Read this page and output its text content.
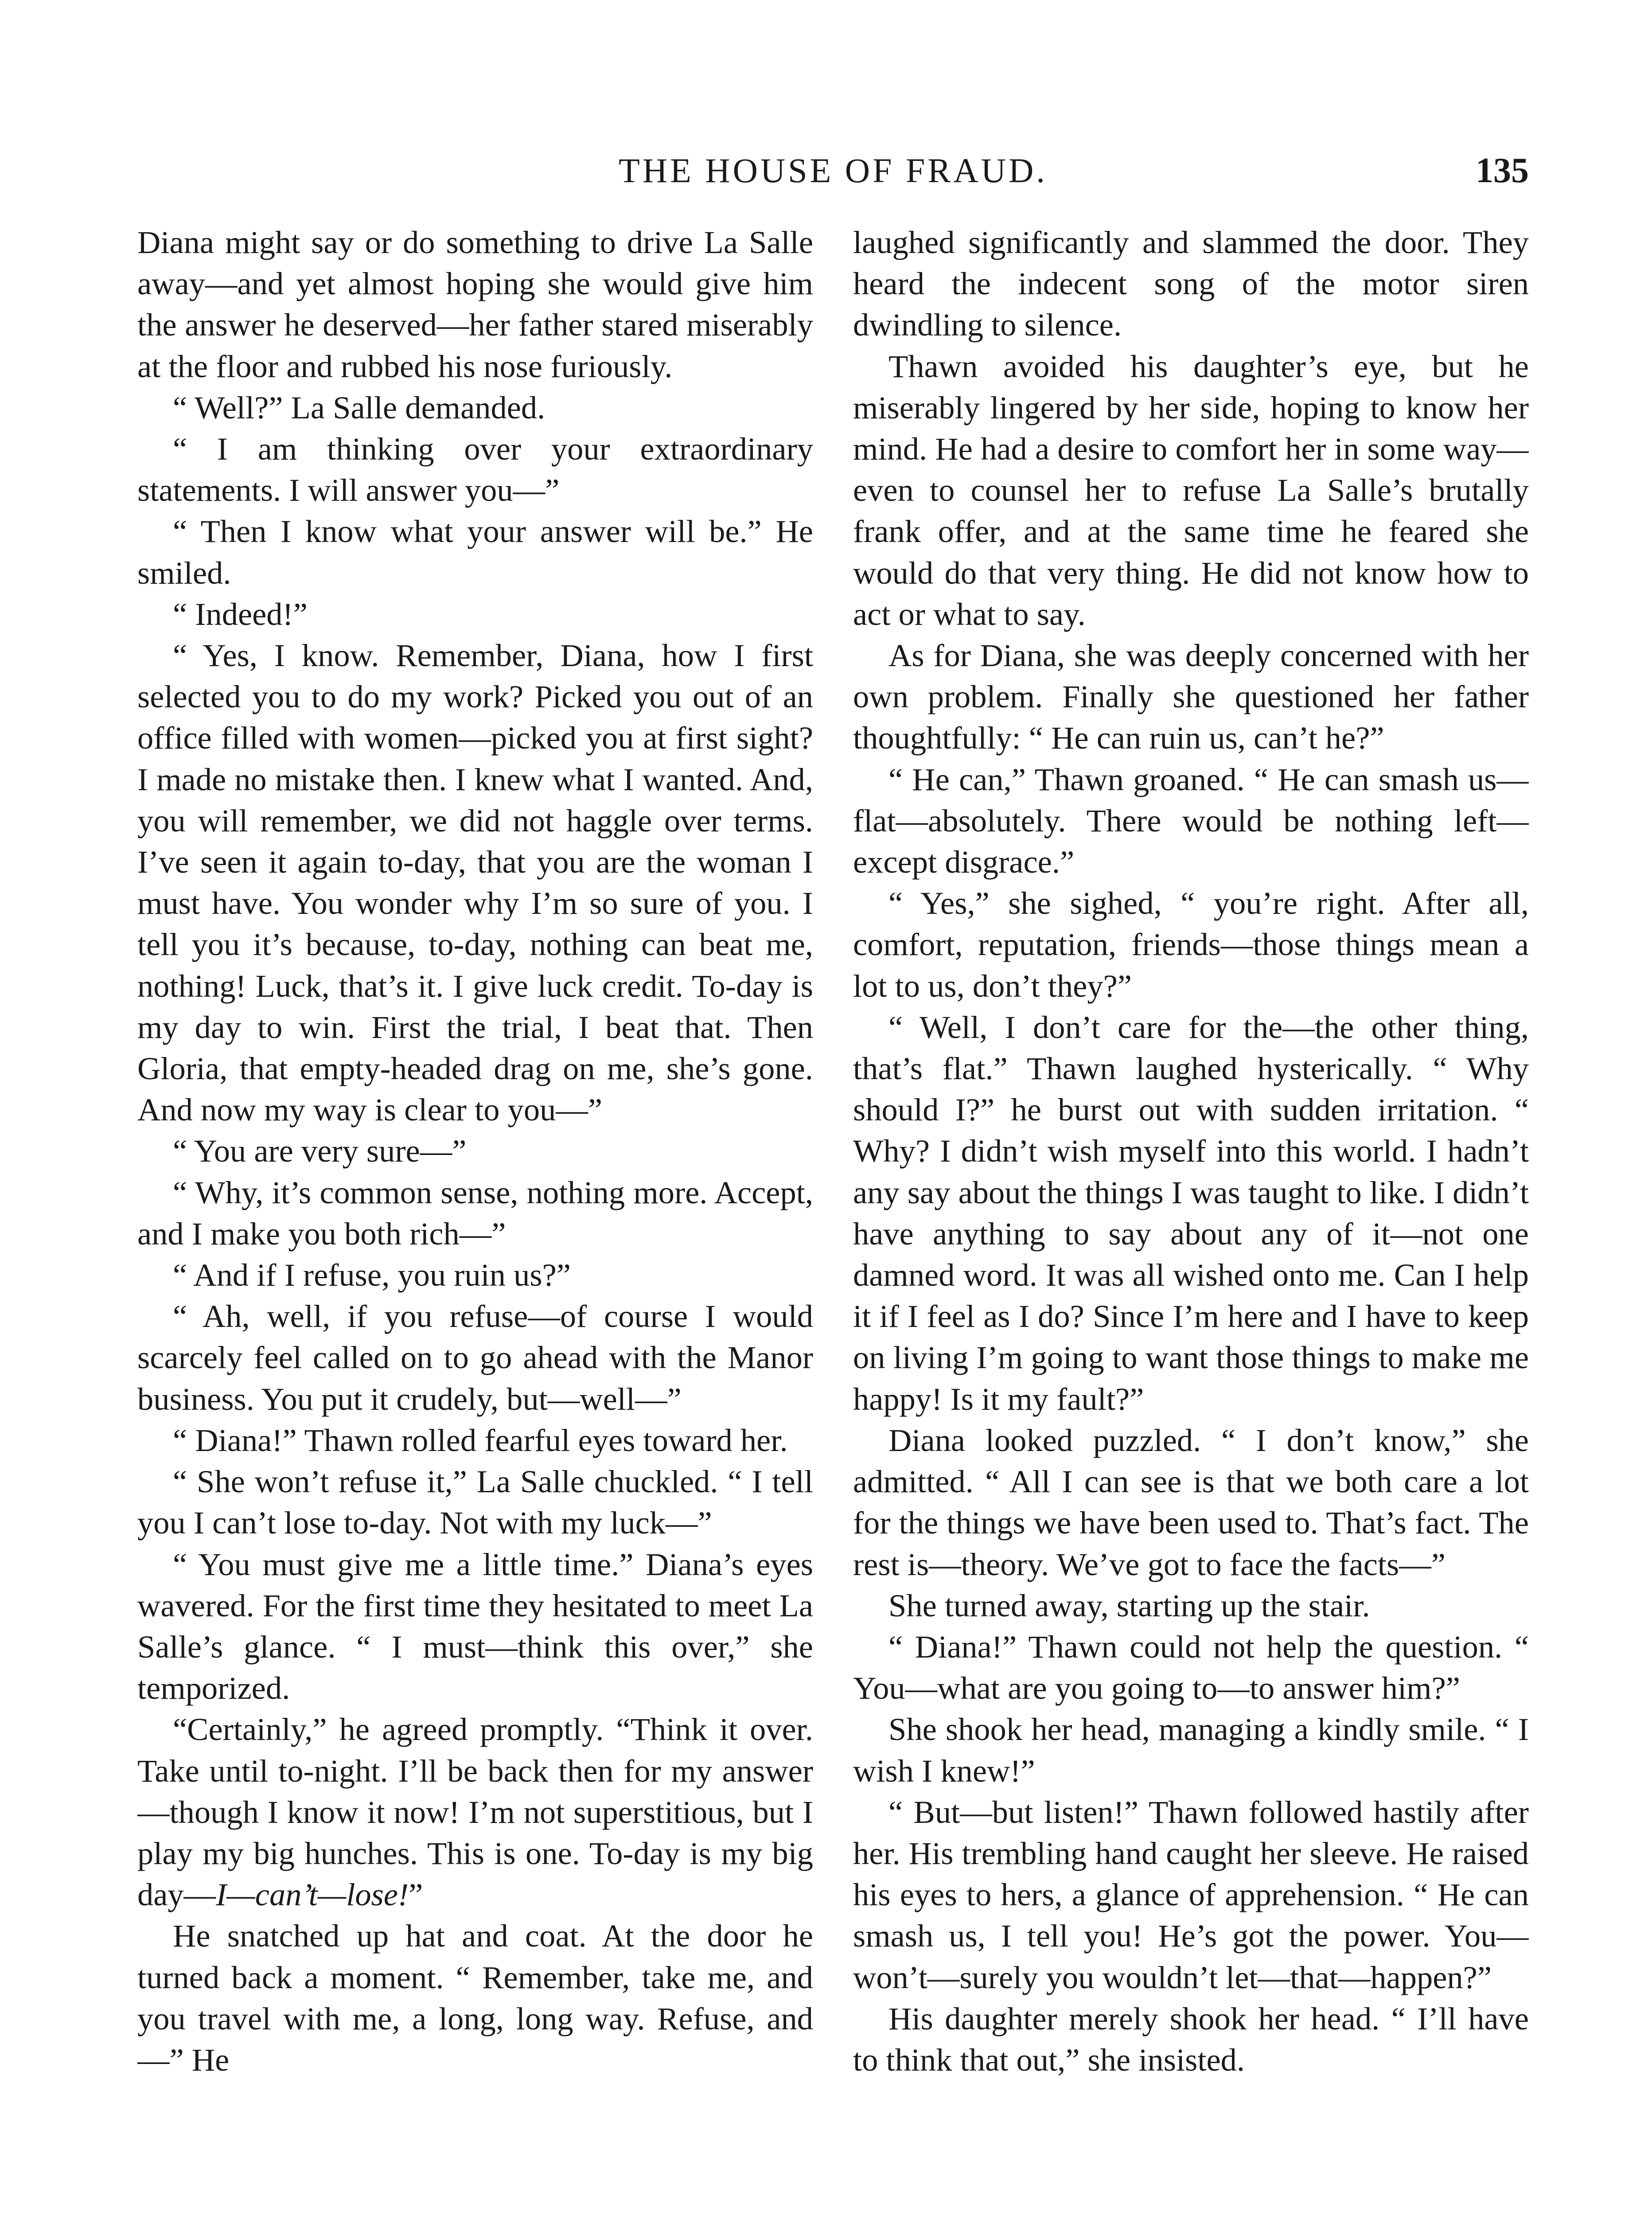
THE HOUSE OF FRAUD.	135

Diana might say or do something to drive La Salle away—and yet almost hoping she would give him the answer he deserved—her father stared miserably at the floor and rubbed his nose furiously.

“ Well?” La Salle demanded.

“ I am thinking over your extraordinary statements. I will answer you—”

“ Then I know what your answer will be.” He smiled.

“ Indeed!”

“ Yes, I know. Remember, Diana, how I first selected you to do my work? Picked you out of an office filled with women—picked you at first sight? I made no mistake then. I knew what I wanted. And, you will remember, we did not haggle over terms. I’ve seen it again to-day, that you are the woman I must have. You wonder why I’m so sure of you. I tell you it’s because, to-day, nothing can beat me, nothing! Luck, that’s it. I give luck credit. To-day is my day to win. First the trial, I beat that. Then Gloria, that empty-headed drag on me, she’s gone. And now my way is clear to you—”

“ You are very sure—”

“ Why, it’s common sense, nothing more. Accept, and I make you both rich—”

“ And if I refuse, you ruin us?”

“ Ah, well, if you refuse—of course I would scarcely feel called on to go ahead with the Manor business. You put it crudely, but—well—”

“ Diana!” Thawn rolled fearful eyes toward her.

“ She won’t refuse it,” La Salle chuckled. “ I tell you I can’t lose to-day. Not with my luck—”

“ You must give me a little time.” Diana’s eyes wavered. For the first time they hesitated to meet La Salle’s glance. “ I must—think this over,” she temporized.

“Certainly,” he agreed promptly. “Think it over. Take until to-night. I’ll be back then for my answer—though I know it now! I’m not superstitious, but I play my big hunches. This is one. To-day is my big day—I—can’t—lose!”

He snatched up hat and coat. At the door he turned back a moment. “ Remember, take me, and you travel with me, a long, long way. Refuse, and—” He

laughed significantly and slammed the door. They heard the indecent song of the motor siren dwindling to silence.

Thawn avoided his daughter’s eye, but he miserably lingered by her side, hoping to know her mind. He had a desire to comfort her in some way—even to counsel her to refuse La Salle’s brutally frank offer, and at the same time he feared she would do that very thing. He did not know how to act or what to say.

As for Diana, she was deeply concerned with her own problem. Finally she questioned her father thoughtfully: “ He can ruin us, can’t he?”

“ He can,” Thawn groaned. “ He can smash us—flat—absolutely. There would be nothing left—except disgrace.”

“ Yes,” she sighed, “ you’re right. After all, comfort, reputation, friends—those things mean a lot to us, don’t they?”

“ Well, I don’t care for the—the other thing, that’s flat.” Thawn laughed hysterically. “ Why should I?” he burst out with sudden irritation. “ Why? I didn’t wish myself into this world. I hadn’t any say about the things I was taught to like. I didn’t have anything to say about any of it—not one damned word. It was all wished onto me. Can I help it if I feel as I do? Since I’m here and I have to keep on living I’m going to want those things to make me happy! Is it my fault?”

Diana looked puzzled. “ I don’t know,” she admitted. “ All I can see is that we both care a lot for the things we have been used to. That’s fact. The rest is—theory. We’ve got to face the facts—”

She turned away, starting up the stair.

“ Diana!” Thawn could not help the question. “ You—what are you going to—to answer him?”

She shook her head, managing a kindly smile. “ I wish I knew!”

“ But—but listen!” Thawn followed hastily after her. His trembling hand caught her sleeve. He raised his eyes to hers, a glance of apprehension. “ He can smash us, I tell you! He’s got the power. You—won’t—surely you wouldn’t let—that—happen?”

His daughter merely shook her head. “ I’ll have to think that out,” she insisted.
